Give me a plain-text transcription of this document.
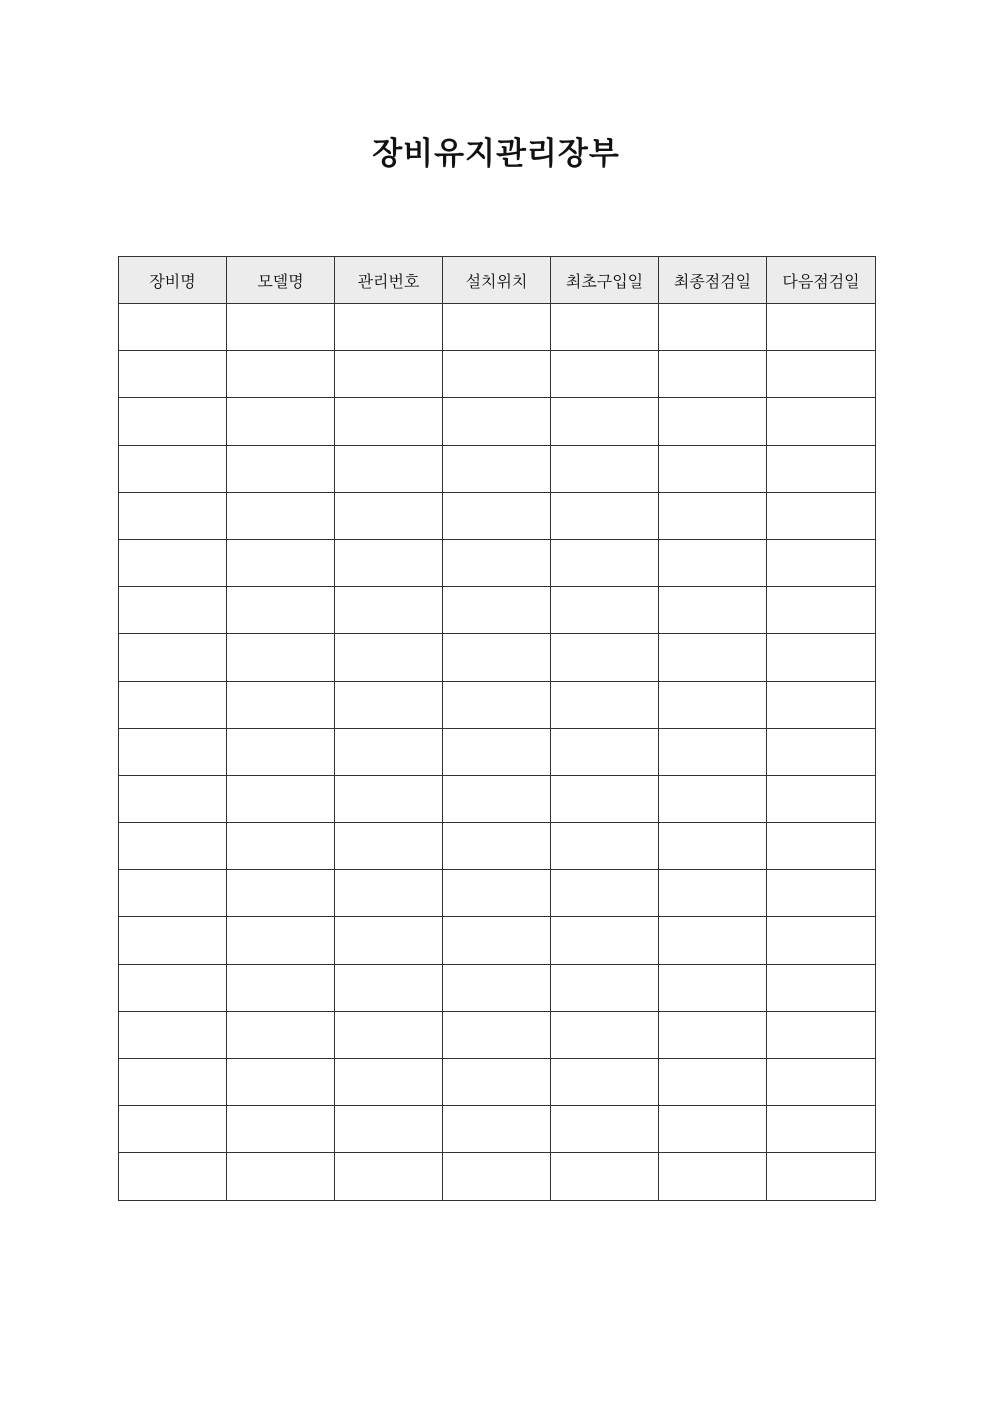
장비유지관리장부
장비명	모델명	관리번호	설치위치	최초구입일	최종점검일	다음점검일
